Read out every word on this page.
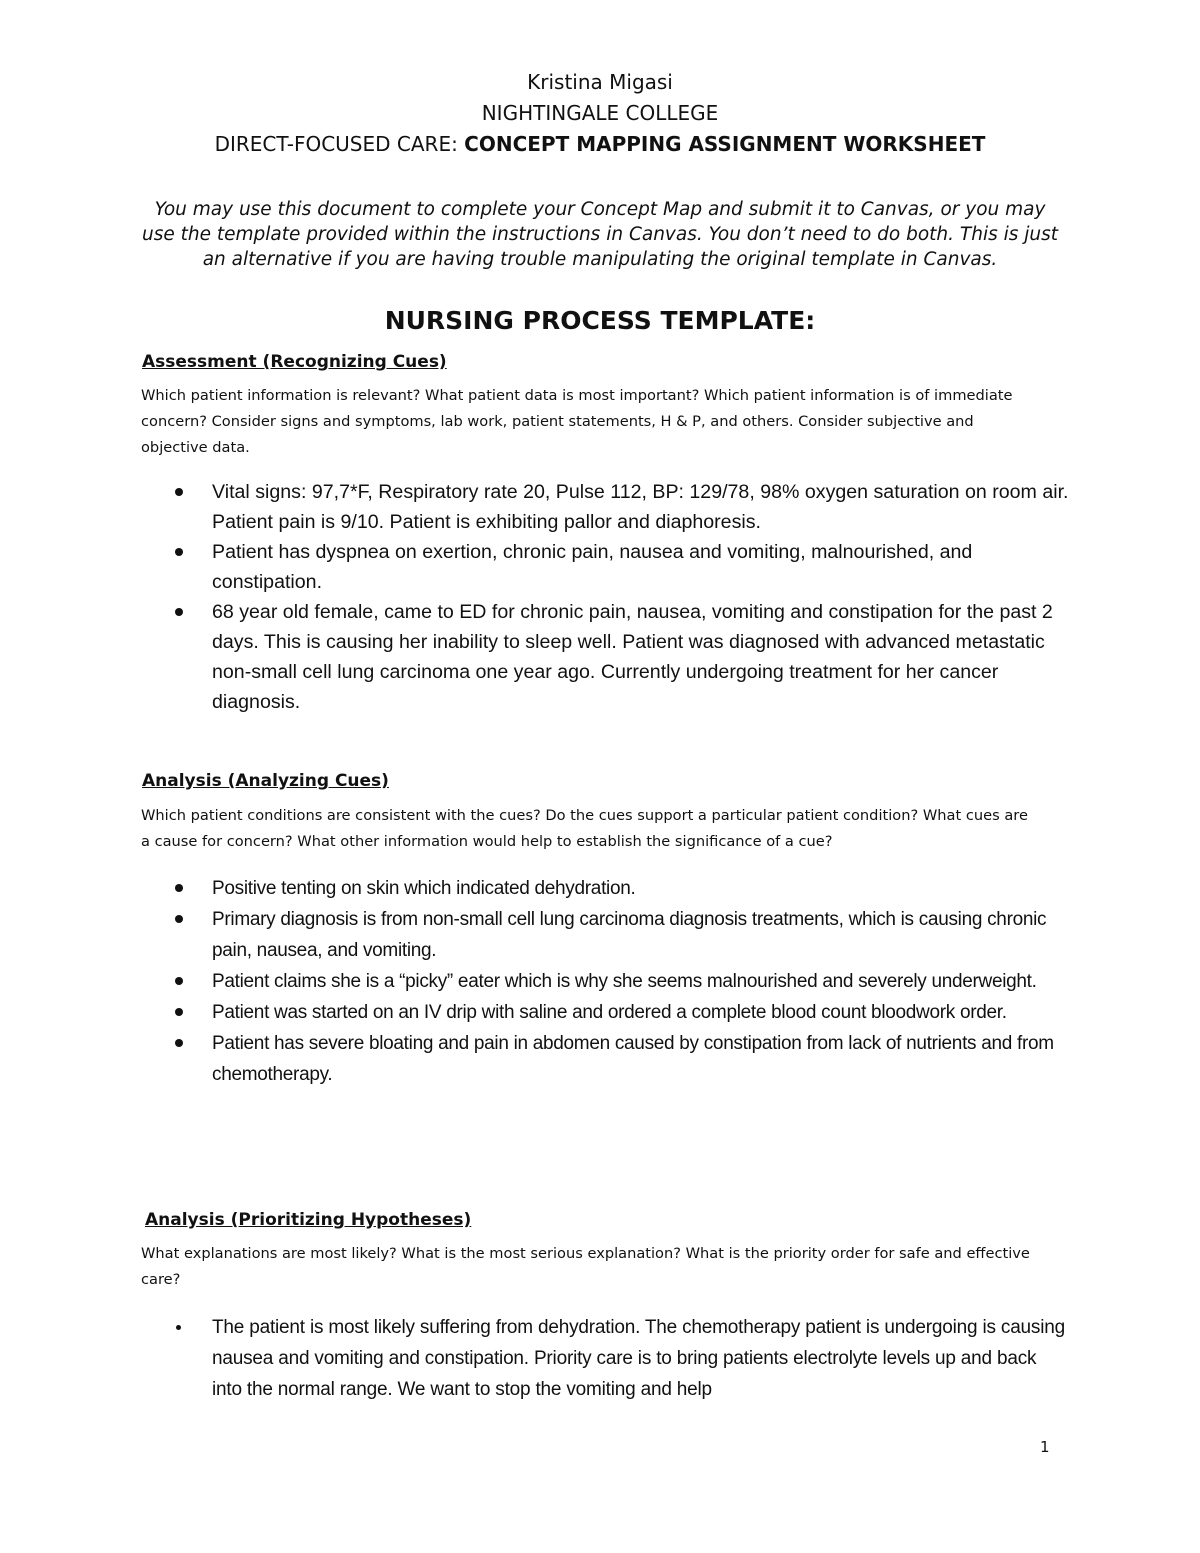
Kristina Migasi
NIGHTINGALE COLLEGE
DIRECT-FOCUSED CARE: CONCEPT MAPPING ASSIGNMENT WORKSHEET
You may use this document to complete your Concept Map and submit it to Canvas, or you may use the template provided within the instructions in Canvas. You don’t need to do both. This is just an alternative if you are having trouble manipulating the original template in Canvas.
NURSING PROCESS TEMPLATE:
Assessment (Recognizing Cues)
Which patient information is relevant? What patient data is most important? Which patient information is of immediate concern? Consider signs and symptoms, lab work, patient statements, H & P, and others. Consider subjective and objective data.
Vital signs: 97,7*F, Respiratory rate 20, Pulse 112, BP: 129/78, 98% oxygen saturation on room air. Patient pain is 9/10. Patient is exhibiting pallor and diaphoresis.
Patient has dyspnea on exertion, chronic pain, nausea and vomiting, malnourished, and constipation.
68 year old female, came to ED for chronic pain, nausea, vomiting and constipation for the past 2 days. This is causing her inability to sleep well. Patient was diagnosed with advanced metastatic non-small cell lung carcinoma one year ago. Currently undergoing treatment for her cancer diagnosis.
Analysis (Analyzing Cues)
Which patient conditions are consistent with the cues? Do the cues support a particular patient condition? What cues are a cause for concern? What other information would help to establish the significance of a cue?
Positive tenting on skin which indicated dehydration.
Primary diagnosis is from non-small cell lung carcinoma diagnosis treatments, which is causing chronic pain, nausea, and vomiting.
Patient claims she is a “picky” eater which is why she seems malnourished and severely underweight.
Patient was started on an IV drip with saline and ordered a complete blood count bloodwork order.
Patient has severe bloating and pain in abdomen caused by constipation from lack of nutrients and from chemotherapy.
Analysis (Prioritizing Hypotheses)
What explanations are most likely? What is the most serious explanation? What is the priority order for safe and effective care?
The patient is most likely suffering from dehydration. The chemotherapy patient is undergoing is causing nausea and vomiting and constipation. Priority care is to bring patients electrolyte levels up and back into the normal range. We want to stop the vomiting and help
1
